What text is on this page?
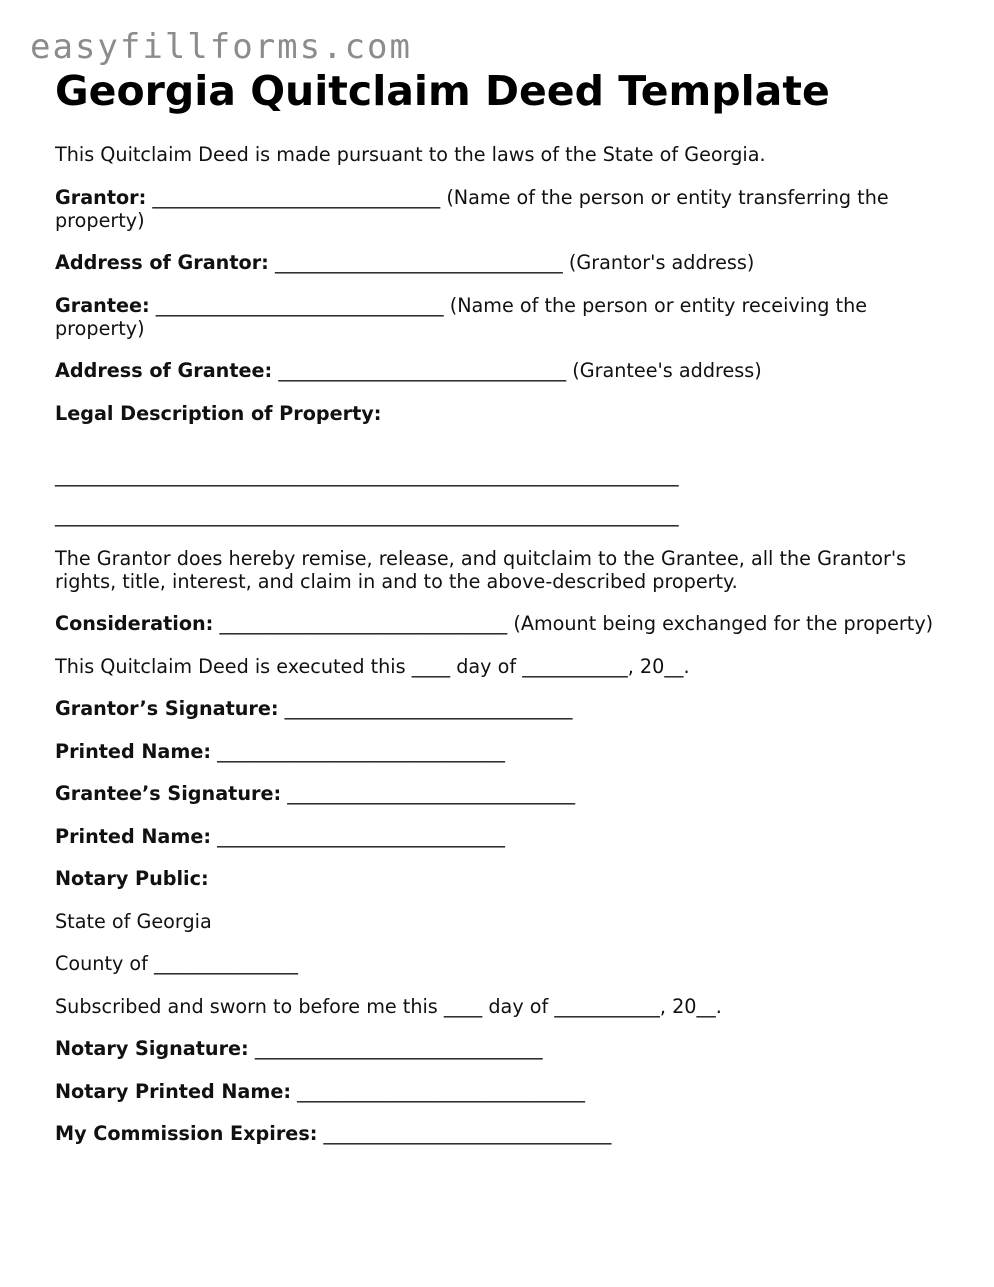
easyfillforms.com
Georgia Quitclaim Deed Template

This Quitclaim Deed is made pursuant to the laws of the State of Georgia.

Grantor: ______________________________ (Name of the person or entity transferring the property)

Address of Grantor: ______________________________ (Grantor's address)

Grantee: ______________________________ (Name of the person or entity receiving the property)

Address of Grantee: ______________________________ (Grantee's address)

Legal Description of Property:

_________________________________________________________________

_________________________________________________________________

The Grantor does hereby remise, release, and quitclaim to the Grantee, all the Grantor's rights, title, interest, and claim in and to the above-described property.

Consideration: ______________________________ (Amount being exchanged for the property)

This Quitclaim Deed is executed this ____ day of ___________, 20__.

Grantor’s Signature: ______________________________

Printed Name: ______________________________

Grantee’s Signature: ______________________________

Printed Name: ______________________________

Notary Public:

State of Georgia

County of _______________

Subscribed and sworn to before me this ____ day of ___________, 20__.

Notary Signature: ______________________________

Notary Printed Name: ______________________________

My Commission Expires: ______________________________
